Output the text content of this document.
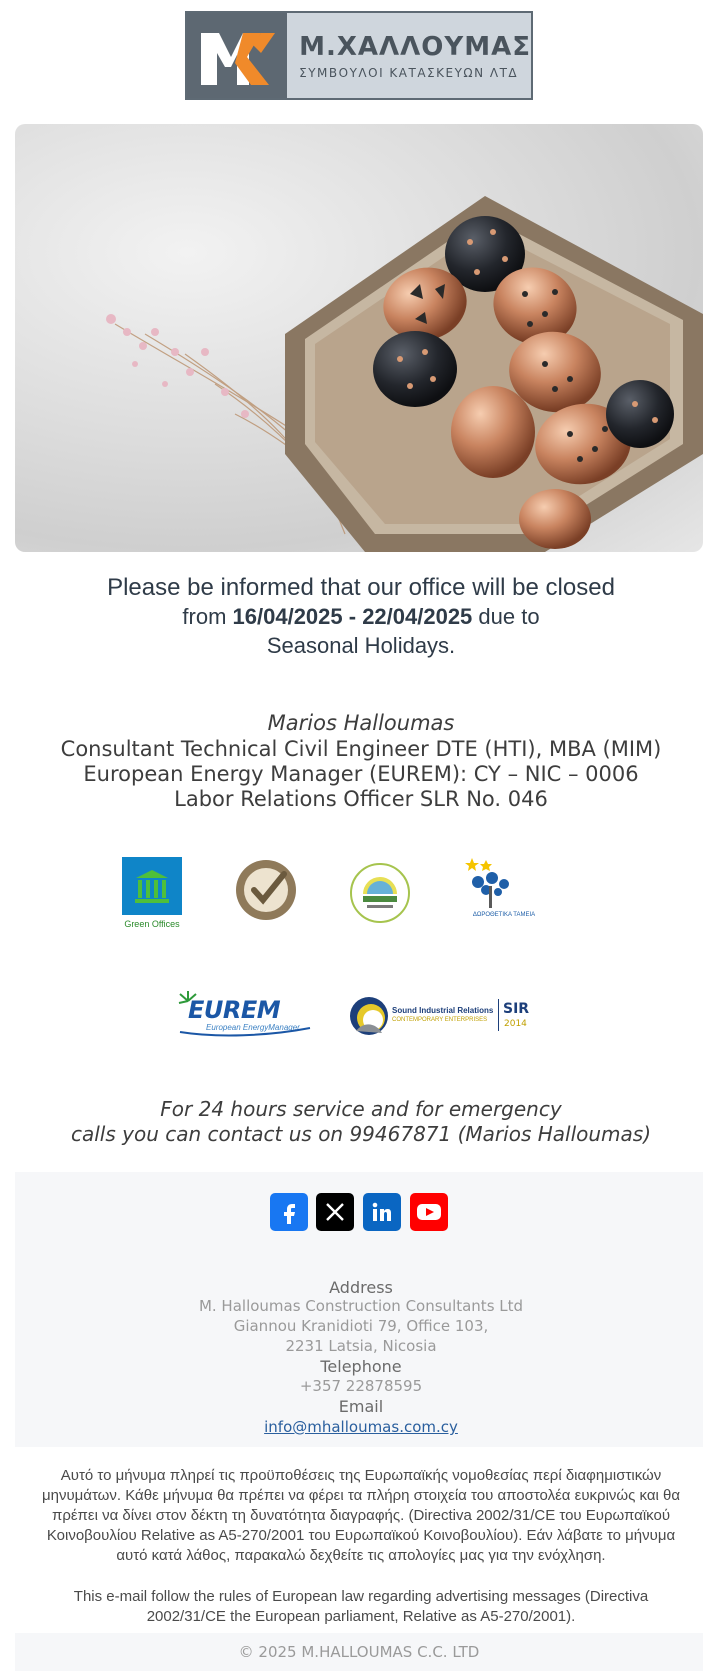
Μ.ΧΑΛΛΟΥΜΑΣ
ΣΥΜΒΟΥΛΟΙ ΚΑΤΑΣΚΕΥΩΝ ΛΤΔ
Please be informed that our office will be closed
from 16/04/2025 - 22/04/2025 due to
Seasonal Holidays.
Marios Halloumas
Consultant Technical Civil Engineer DTE (HTI), MBA (MIM)
European Energy Manager (EUREM): CY – NIC – 0006
Labor Relations Officer SLR No. 046
Green Offices
ΔΩΡΟΘΕΤΙΚΑ ΤΑΜΕΙΑ
EUREM
European EnergyManager
Sound Industrial Relations
CONTEMPORARY ENTERPRISES
SIR
2014
For 24 hours service and for emergency
calls you can contact us on 99467871 (Marios Halloumas)
Address
M. Halloumas Construction Consultants Ltd
Giannou Kranidioti 79, Office 103,
2231 Latsia, Nicosia
Telephone
+357 22878595
Email
info@mhalloumas.com.cy
Αυτό το μήνυμα πληρεί τις προϋποθέσεις της Ευρωπαϊκής νομοθεσίας περί διαφημιστικών μηνυμάτων. Κάθε μήνυμα θα πρέπει να φέρει τα πλήρη στοιχεία του αποστολέα ευκρινώς και θα πρέπει να δίνει στον δέκτη τη δυνατότητα διαγραφής. (Directiva 2002/31/CE του Ευρωπαϊκού Κοινοβουλίου Relative as A5-270/2001 του Ευρωπαϊκού Κοινοβουλίου). Εάν λάβατε το μήνυμα αυτό κατά λάθος, παρακαλώ δεχθείτε τις απολογίες μας για την ενόχληση.
This e-mail follow the rules of European law regarding advertising messages (Directiva 2002/31/CE the European parliament, Relative as A5-270/2001).
© 2025 M.HALLOUMAS C.C. LTD
